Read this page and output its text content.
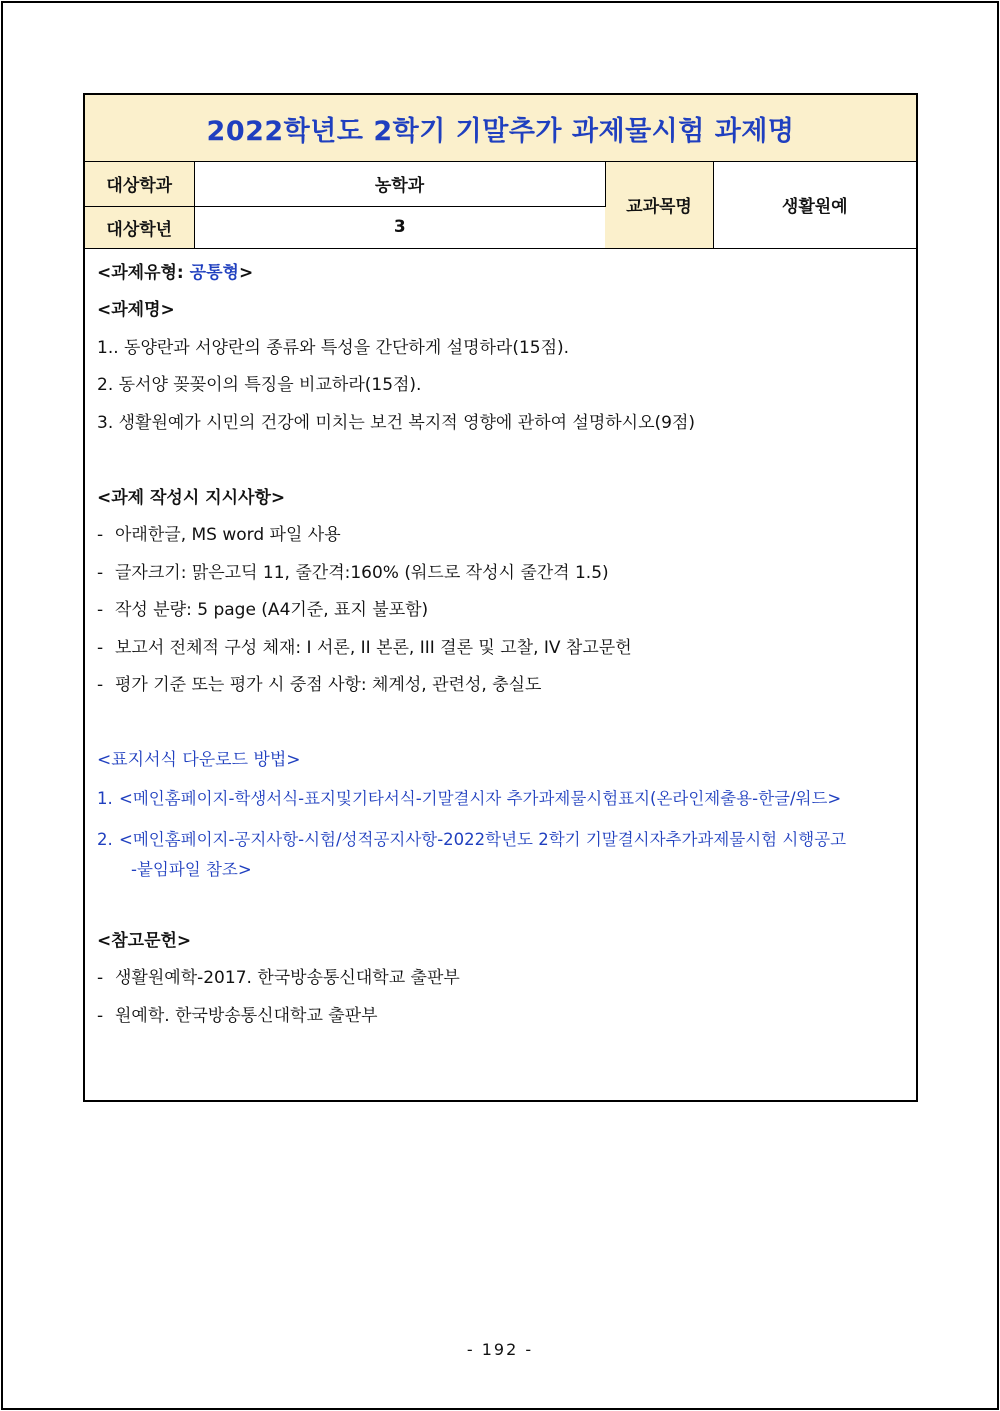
2022학년도 2학기 기말추가 과제물시험 과제명
대상학과	농학과	교과목명	생활원예
대상학년	3		
<과제유형: 공통형>
<과제명>
1.. 동양란과 서양란의 종류와 특성을 간단하게 설명하라(15점).
2. 동서양 꽂꽂이의 특징을 비교하라(15점).
3. 생활원예가 시민의 건강에 미치는 보건 복지적 영향에 관하여 설명하시오(9점)
<과제 작성시 지시사항>
- 아래한글, MS word 파일 사용
- 글자크기: 맑은고딕 11, 줄간격:160% (워드로 작성시 줄간격 1.5)
- 작성 분량: 5 page (A4기준, 표지 불포함)
- 보고서 전체적 구성 체재: I 서론, II 본론, III 결론 및 고찰, IV 참고문헌
- 평가 기준 또는 평가 시 중점 사항: 체계성, 관련성, 충실도
<표지서식 다운로드 방법>
1. <메인홈페이지-학생서식-표지및기타서식-기말결시자 추가과제물시험표지(온라인제출용-한글/워드>
2. <메인홈페이지-공지사항-시험/성적공지사항-2022학년도 2학기 기말결시자추가과제물시험 시행공고
-붙임파일 참조>
<참고문헌>
- 생활원예학-2017. 한국방송통신대학교 출판부
- 원예학. 한국방송통신대학교 출판부
- 192 -
